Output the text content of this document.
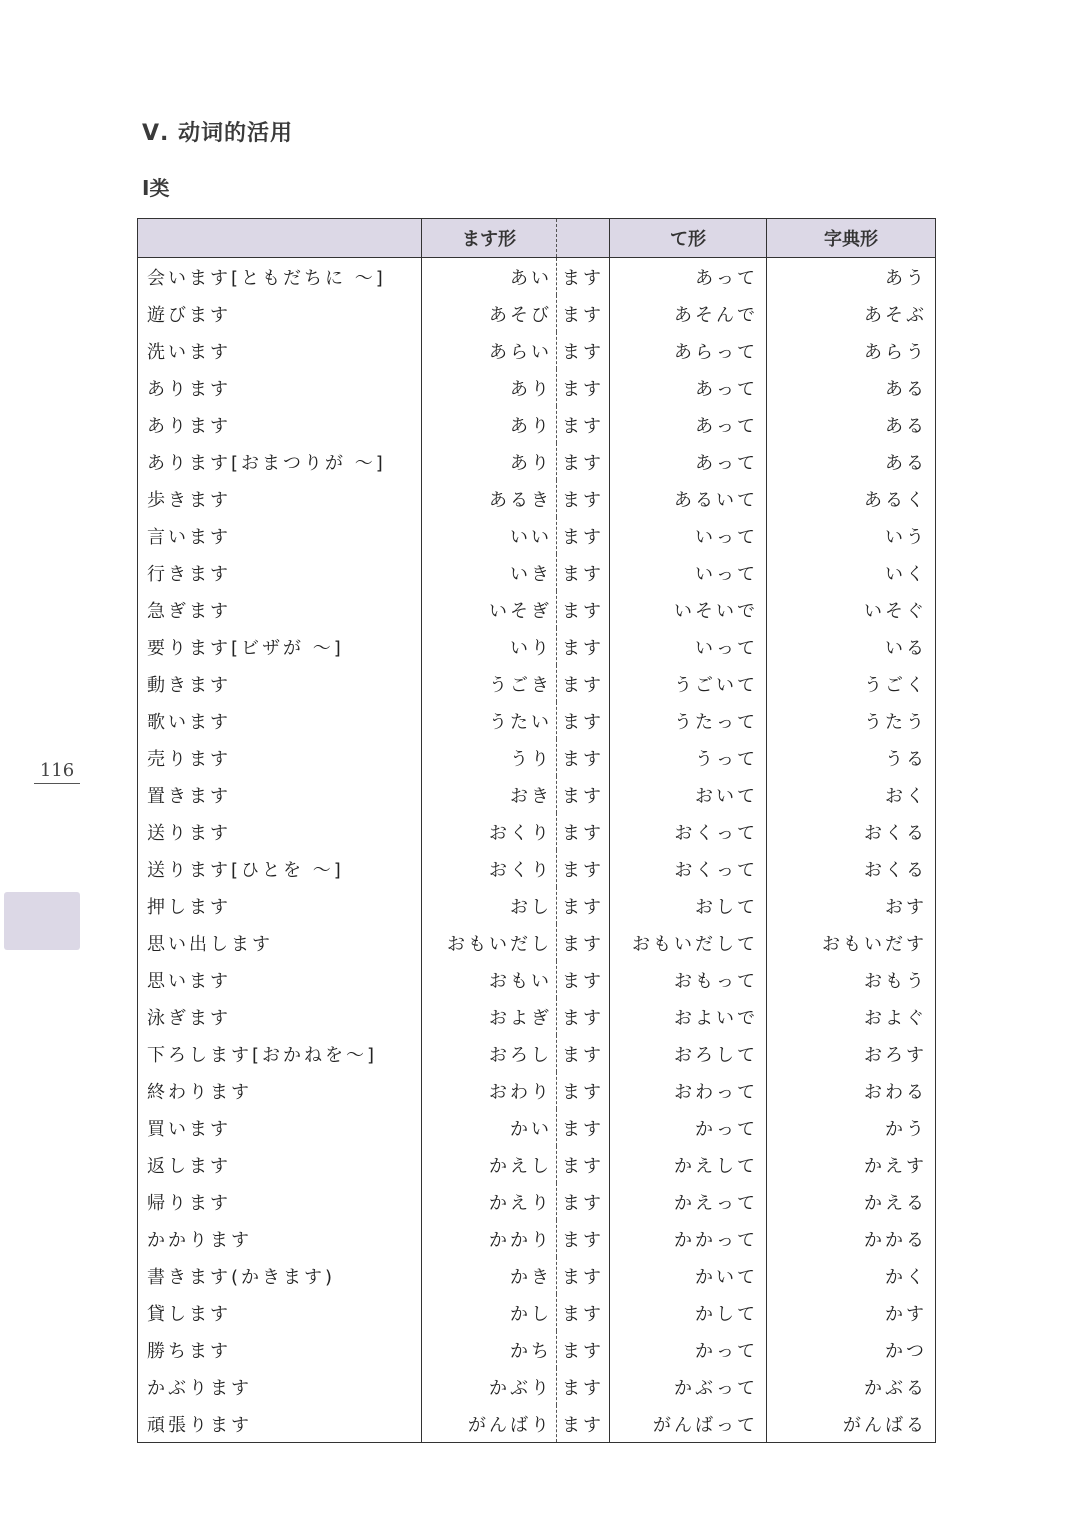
Ⅴ. 动词的活用
Ⅰ类
116
	ます形		て形	字典形
会います[ともだちに ～]	あい	ます	あって	あう
遊びます	あそび	ます	あそんで	あそぶ
洗います	あらい	ます	あらって	あらう
あります	あり	ます	あって	ある
あります	あり	ます	あって	ある
あります[おまつりが ～]	あり	ます	あって	ある
歩きます	あるき	ます	あるいて	あるく
言います	いい	ます	いって	いう
行きます	いき	ます	いって	いく
急ぎます	いそぎ	ます	いそいで	いそぐ
要ります[ビザが ～]	いり	ます	いって	いる
動きます	うごき	ます	うごいて	うごく
歌います	うたい	ます	うたって	うたう
売ります	うり	ます	うって	うる
置きます	おき	ます	おいて	おく
送ります	おくり	ます	おくって	おくる
送ります[ひとを ～]	おくり	ます	おくって	おくる
押します	おし	ます	おして	おす
思い出します	おもいだし	ます	おもいだして	おもいだす
思います	おもい	ます	おもって	おもう
泳ぎます	およぎ	ます	およいで	およぐ
下ろします[おかねを～]	おろし	ます	おろして	おろす
終わります	おわり	ます	おわって	おわる
買います	かい	ます	かって	かう
返します	かえし	ます	かえして	かえす
帰ります	かえり	ます	かえって	かえる
かかります	かかり	ます	かかって	かかる
書きます(かきます)	かき	ます	かいて	かく
貸します	かし	ます	かして	かす
勝ちます	かち	ます	かって	かつ
かぶります	かぶり	ます	かぶって	かぶる
頑張ります	がんばり	ます	がんばって	がんばる
